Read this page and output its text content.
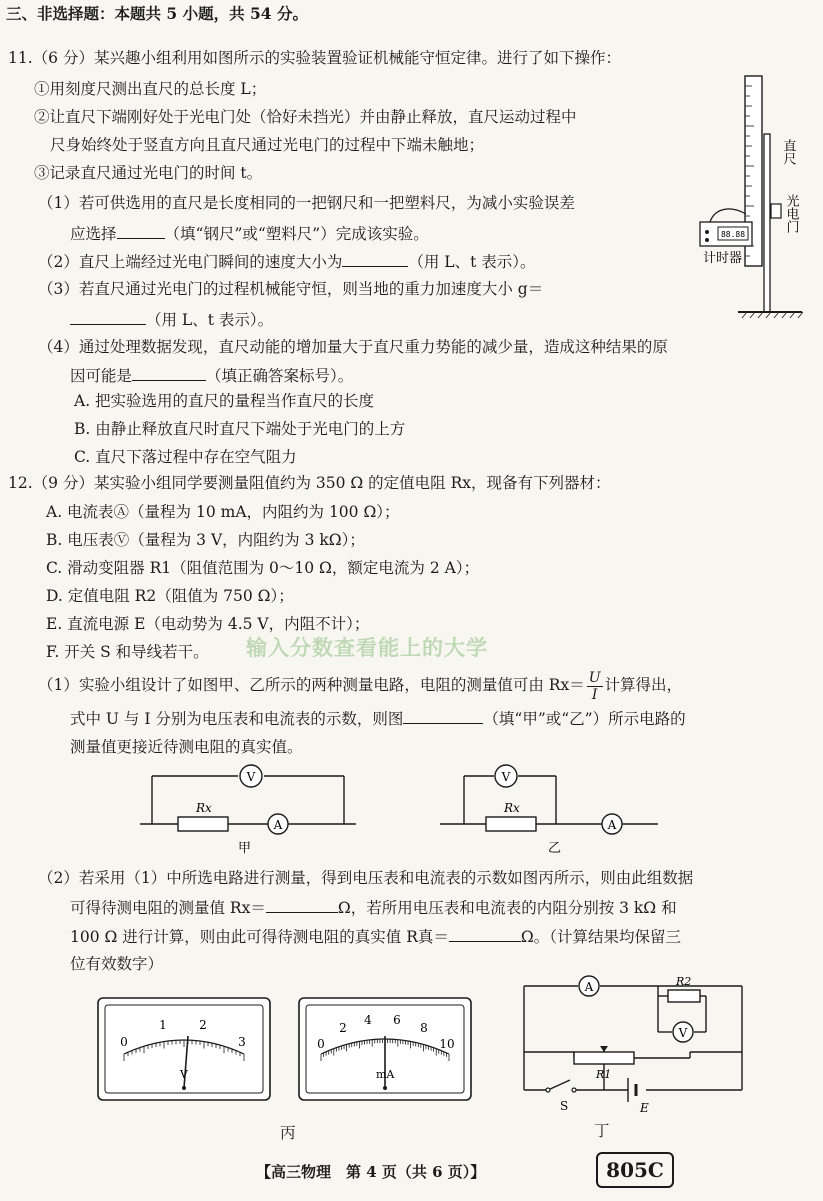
三、非选择题：本题共 5 小题，共 54 分。
11.（6 分）某兴趣小组利用如图所示的实验装置验证机械能守恒定律。进行了如下操作：
①用刻度尺测出直尺的总长度 L；
②让直尺下端刚好处于光电门处（恰好未挡光）并由静止释放，直尺运动过程中
尺身始终处于竖直方向且直尺通过光电门的过程中下端未触地；
③记录直尺通过光电门的时间 t。
（1）若可供选用的直尺是长度相同的一把钢尺和一把塑料尺，为减小实验误差
应选择	（填“钢尺”或“塑料尺”）完成该实验。
（2）直尺上端经过光电门瞬间的速度大小为	（用 L、t 表示）。
（3）若直尺通过光电门的过程机械能守恒，则当地的重力加速度大小 g＝
（用 L、t 表示）。
（4）通过处理数据发现，直尺动能的增加量大于直尺重力势能的减少量，造成这种结果的原
因可能是	（填正确答案标号）。
A. 把实验选用的直尺的量程当作直尺的长度
B. 由静止释放直尺时直尺下端处于光电门的上方
C. 直尺下落过程中存在空气阻力
88.88
直尺
光电门
计时器
12.（9 分）某实验小组同学要测量阻值约为 350 Ω 的定值电阻 Rx，现备有下列器材：
A. 电流表Ⓐ（量程为 10 mA，内阻约为 100 Ω）；
B. 电压表Ⓥ（量程为 3 V，内阻约为 3 kΩ）；
C. 滑动变阻器 R1（阻值范围为 0～10 Ω，额定电流为 2 A）；
D. 定值电阻 R2（阻值为 750 Ω）；
E. 直流电源 E（电动势为 4.5 V，内阻不计）；
F. 开关 S 和导线若干。 输入分数查看能上的大学
（1）实验小组设计了如图甲、乙所示的两种测量电路，电阻的测量值可由 $Rx= \frac{U}{I}$ 计算得出，
式中 U 与 I 分别为电压表和电流表的示数，则图	（填“甲”或“乙”）所示电路的
测量值更接近待测电阻的真实值。
V
Rx
A
甲
V
Rx
A
乙
（2）若采用（1）中所选电路进行测量，得到电压表和电流表的示数如图丙所示，则由此组数据
可得待测电阻的测量值 Rx＝	Ω，若所用电压表和电流表的内阻分别按 3 kΩ 和
100 Ω 进行计算，则由此可得待测电阻的真实值 R真＝	Ω。（计算结果均保留三
位有效数字）
0
1	2
3
V
0
2
4 6
8
10
mA
丙
A	R2
V
R1
S	E
丁
【高三物理　第 4 页（共 6 页）】	805C
